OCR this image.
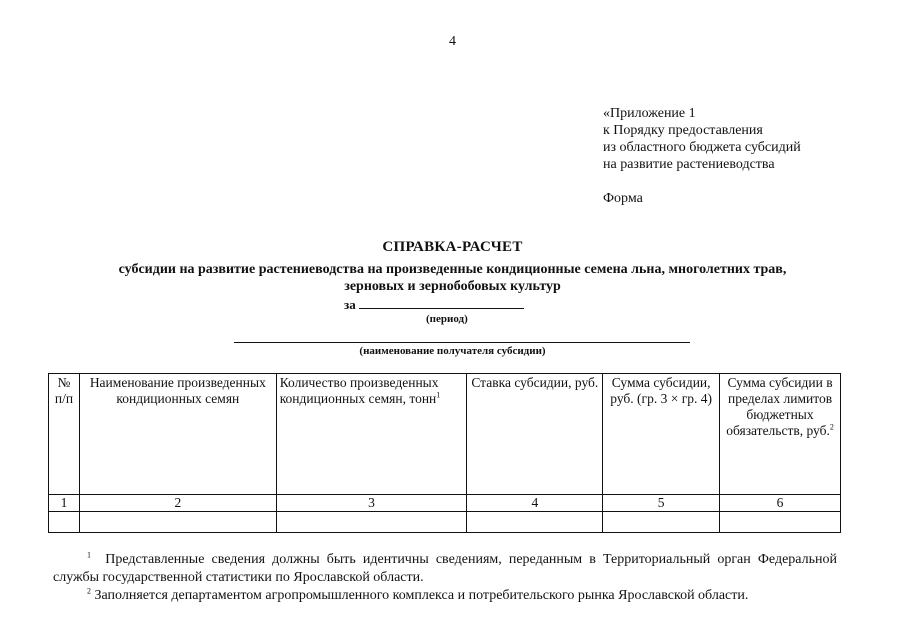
4
«Приложение 1
к Порядку предоставления
из областного бюджета субсидий
на развитие растениеводства
Форма
СПРАВКА-РАСЧЕТ
субсидии на развитие растениеводства на произведенные кондиционные семена льна, многолетних трав,
зерновых и зернобобовых культур
за
(период)
(наименование получателя субсидии)
№ п/п	Наименование произведенных кондиционных семян	Количество произведенных кондиционных семян, тонн$^1$	Ставка субсидии, руб.	Сумма субсидии, руб. (гр. 3 × гр. 4)	Сумма субсидии в пределах лимитов бюджетных обязательств, руб.$^2$
1	2	3	4	5	6

$^1$ Представленные сведения должны быть идентичны сведениям, переданным в Территориальный орган Федеральной службы государственной статистики по Ярославской области.
$^2$ Заполняется департаментом агропромышленного комплекса и потребительского рынка Ярославской области.
